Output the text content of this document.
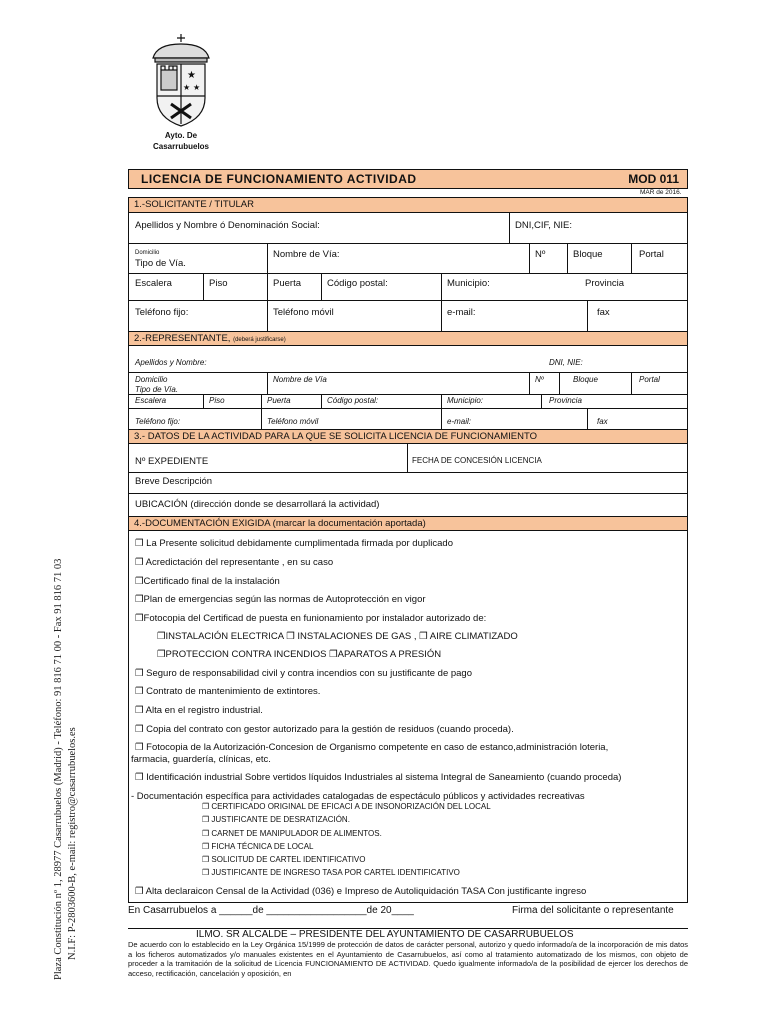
★
★ ★
Ayto. De
Casarrubuelos
Plaza Constitución nº 1, 28977 Casarrubuelos (Madrid) - Teléfono: 91 816 71 00 - Fax 91 816 71 03 N.I.F: P-2803600-B, e-mail: registro@casarrubuelos.es
LICENCIA DE FUNCIONAMIENTO ACTIVIDAD	MOD 011
MAR de 2016.
1.-SOLICITANTE / TITULAR
Apellidos y Nombre ó Denominación Social:	DNI,CIF, NIE:
Domicilio
Tipo de Vía.
Nombre de Vía:	Nº	Bloque	Portal
Escalera	Piso	Puerta	Código postal:	Municipio:	Provincia
Teléfono fijo:	Teléfono móvil	e-mail:	fax
2.-REPRESENTANTE, (deberá justificarse)
Apellidos y Nombre:	DNI, NIE:
Domicilio
Tipo de Vía.
Nombre de Vía	Nº	Bloque	Portal
Escalera	Piso	Puerta	Código postal:	Municipio:	Provincia
Teléfono fijo:	Teléfono móvil	e-mail:	fax
3.- DATOS DE LA ACTIVIDAD PARA LA QUE SE SOLICITA LICENCIA DE FUNCIONAMIENTO
Nº EXPEDIENTE	FECHA DE CONCESIÓN LICENCIA
Breve Descripción
UBICACIÓN (dirección donde se desarrollará la actividad)
4.-DOCUMENTACIÓN EXIGIDA (marcar la documentación aportada)
❒ La Presente solicitud debidamente cumplimentada firmada por duplicado
❒ Acredictación del representante , en su caso
❒Certificado final de la instalación
❒Plan de emergencias según las normas de Autoprotección en vigor
❒Fotocopia del Certificad de puesta en funionamiento por instalador autorizado de:
❒INSTALACIÓN ELECTRICA ❒ INSTALACIONES DE GAS , ❒ AIRE CLIMATIZADO
❒PROTECCION CONTRA INCENDIOS ❒APARATOS A PRESIÓN
❒ Seguro de responsabilidad civil y contra incendios con su justificante de pago
❒ Contrato de mantenimiento de extintores.
❒ Alta en el registro industrial.
❒ Copia del contrato con gestor autorizado para la gestión de residuos (cuando proceda).
❒ Fotocopia de la Autorización-Concesion de Organismo competente en caso de estanco,administración loteria,
farmacia, guardería, clínicas, etc.
❒ Identificación industrial Sobre vertidos líquidos Industriales al sistema Integral de Saneamiento (cuando proceda)
- Documentación específica para actividades catalogadas de espectáculo públicos y actividades recreativas
❒ CERTIFICADO ORIGINAL DE EFICACI A DE INSONORIZACIÓN DEL LOCAL
❒ JUSTIFICANTE DE DESRATIZACIÓN.
❒ CARNET DE MANIPULADOR DE ALIMENTOS.
❒ FICHA TÉCNICA DE LOCAL
❒ SOLICITUD DE CARTEL IDENTIFICATIVO
❒ JUSTIFICANTE DE INGRESO TASA POR CARTEL IDENTIFICATIVO
❒ Alta declaraicon Censal de la Actividad (036) e Impreso de Autoliquidación TASA Con justificante ingreso
En Casarrubuelos a ______de __________________de 20____	Firma del solicitante o representante
ILMO. SR ALCALDE – PRESIDENTE DEL AYUNTAMIENTO DE CASARRUBUELOS
De acuerdo con lo establecido en la Ley Orgánica 15/1999 de protección de datos de carácter personal, autorizo y quedo informado/a de la incorporación de mis datos a los ficheros automatizados y/o manuales existentes en el Ayuntamiento de Casarrubuelos, así como al tratamiento automatizado de los mismos, con objeto de proceder a la tramitación de la solicitud de Licencia FUNCIONAMIENTO DE ACTIVIDAD. Quedo igualmente informado/a de la posibilidad de ejercer los derechos de acceso, rectificación, cancelación y oposición, en
